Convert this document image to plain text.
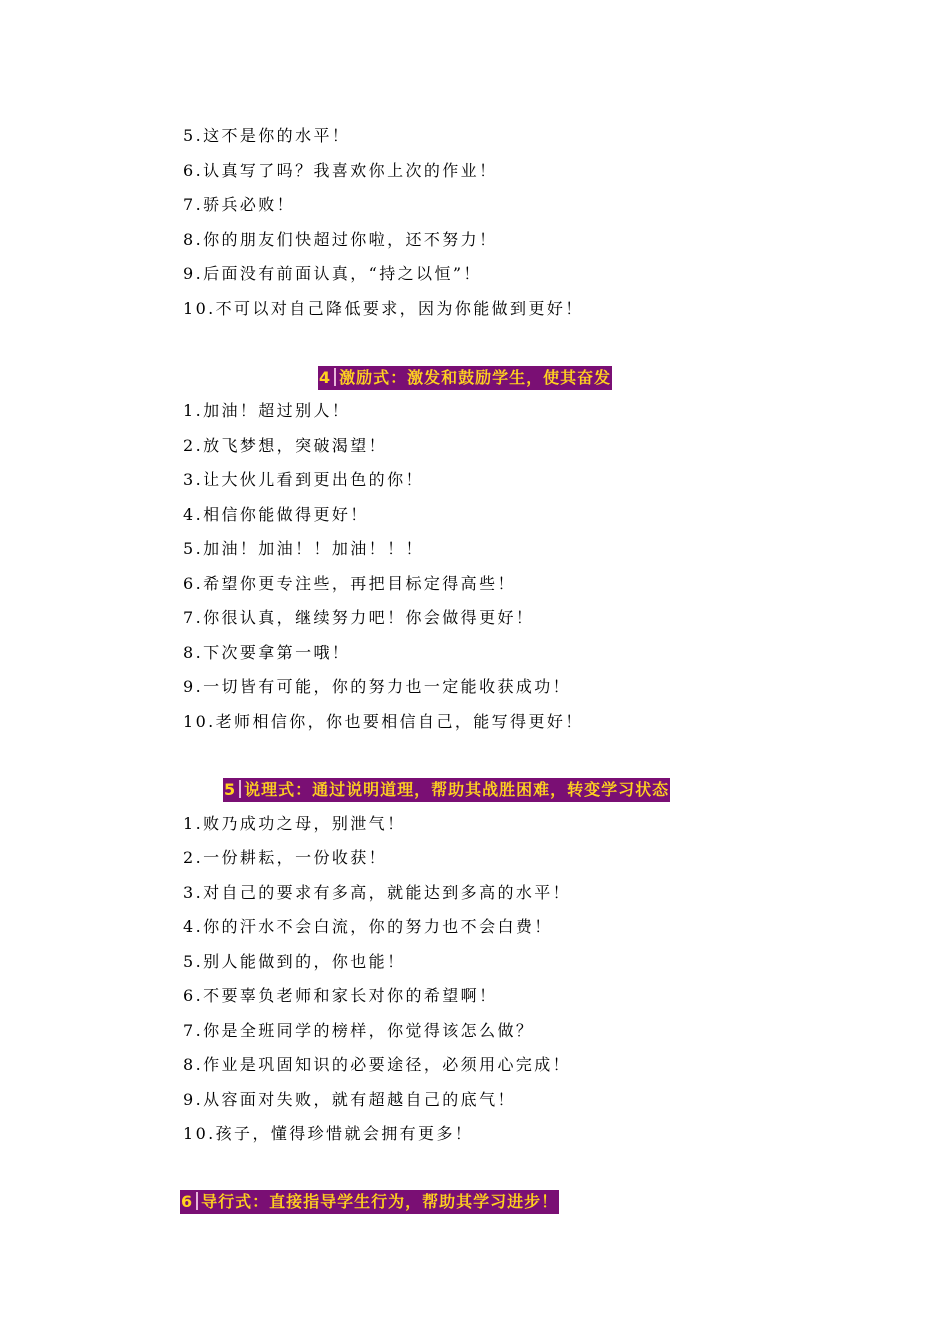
5.这不是你的水平！
6.认真写了吗？我喜欢你上次的作业！
7.骄兵必败！
8.你的朋友们快超过你啦，还不努力！
9.后面没有前面认真，“持之以恒”！
10.不可以对自己降低要求，因为你能做到更好！
4 激励式：激发和鼓励学生，使其奋发
1.加油！超过别人！
2.放飞梦想，突破渴望！
3.让大伙儿看到更出色的你！
4.相信你能做得更好！
5.加油！加油！！加油！！！
6.希望你更专注些，再把目标定得高些！
7.你很认真，继续努力吧！你会做得更好！
8.下次要拿第一哦！
9.一切皆有可能，你的努力也一定能收获成功！
10.老师相信你，你也要相信自己，能写得更好！
5 说理式：通过说明道理，帮助其战胜困难，转变学习状态
1.败乃成功之母，别泄气！
2.一份耕耘，一份收获！
3.对自己的要求有多高，就能达到多高的水平！
4.你的汗水不会白流，你的努力也不会白费！
5.别人能做到的，你也能！
6.不要辜负老师和家长对你的希望啊！
7.你是全班同学的榜样，你觉得该怎么做？
8.作业是巩固知识的必要途径，必须用心完成！
9.从容面对失败，就有超越自己的底气！
10.孩子，懂得珍惜就会拥有更多！
6 导行式：直接指导学生行为，帮助其学习进步！
